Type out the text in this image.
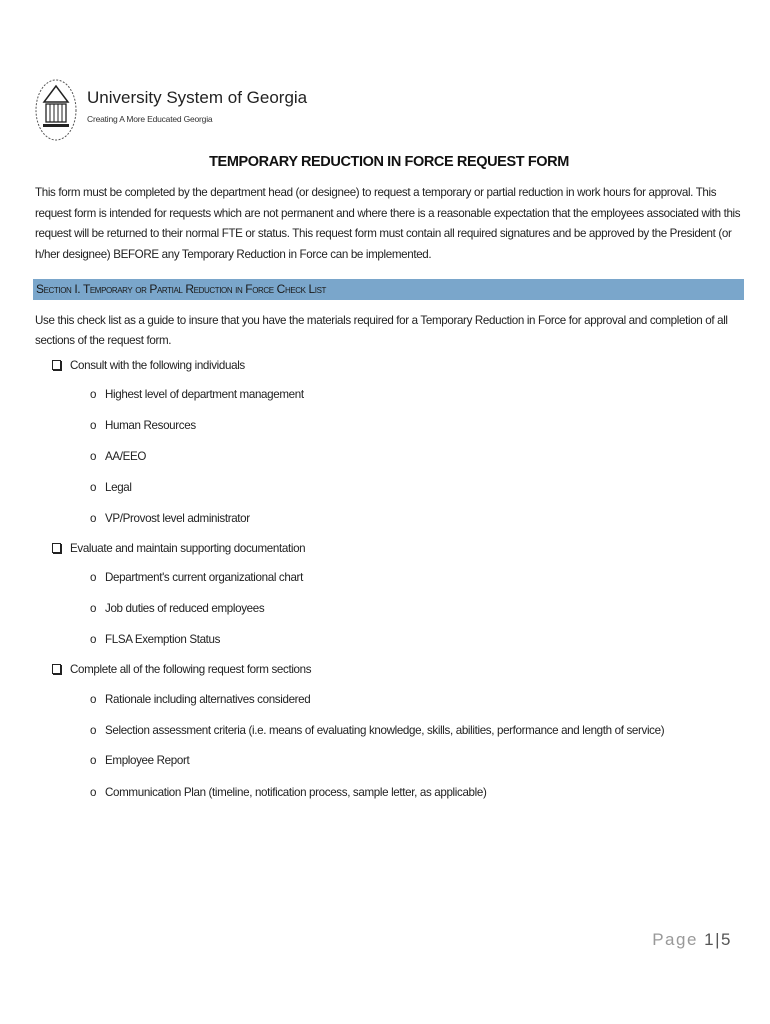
University System of Georgia
Creating A More Educated Georgia
TEMPORARY REDUCTION IN FORCE REQUEST FORM
This form must be completed by the department head (or designee) to request a temporary or partial reduction in work hours for approval. This request form is intended for requests which are not permanent and where there is a reasonable expectation that the employees associated with this request will be returned to their normal FTE or status. This request form must contain all required signatures and be approved by the President (or h/her designee) BEFORE any Temporary Reduction in Force can be implemented.
Section I. Temporary or Partial Reduction in Force Check List
Use this check list as a guide to insure that you have the materials required for a Temporary Reduction in Force for approval and completion of all sections of the request form.
Consult with the following individuals
o Highest level of department management
o Human Resources
o AA/EEO
o Legal
o VP/Provost level administrator
Evaluate and maintain supporting documentation
o Department's current organizational chart
o Job duties of reduced employees
o FLSA Exemption Status
Complete all of the following request form sections
o Rationale including alternatives considered
o Selection assessment criteria (i.e. means of evaluating knowledge, skills, abilities, performance and length of service)
o Employee Report
o Communication Plan (timeline, notification process, sample letter, as applicable)
Page 1|5
